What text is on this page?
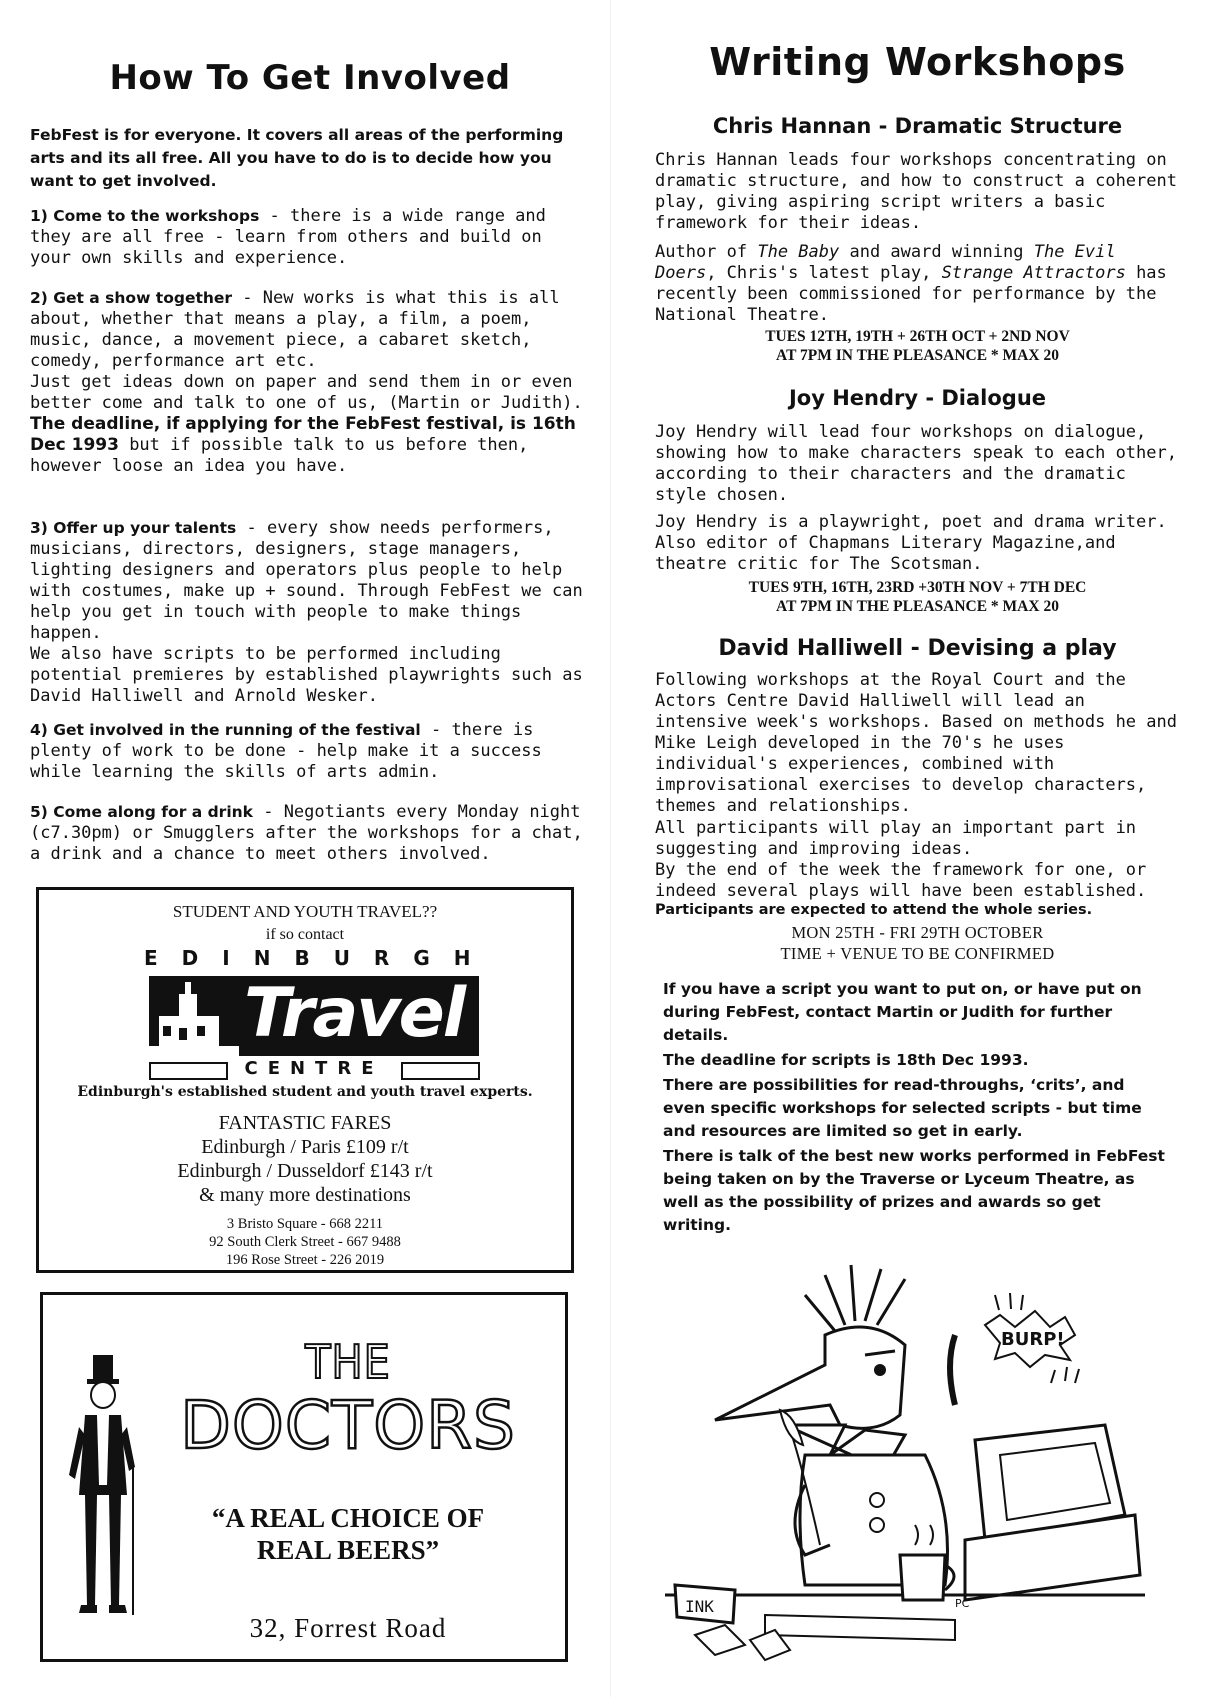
How To Get Involved

FebFest is for everyone. It covers all areas of the performing arts and its all free. All you have to do is to decide how you want to get involved.

1) Come to the workshops - there is a wide range and they are all free - learn from others and build on your own skills and experience.

2) Get a show together - New works is what this is all about, whether that means a play, a film, a poem, music, dance, a movement piece, a cabaret sketch, comedy, performance art etc.

Just get ideas down on paper and send them in or even better come and talk to one of us, (Martin or Judith).

The deadline, if applying for the FebFest festival, is 16th Dec 1993 but if possible talk to us before then, however loose an idea you have.

3) Offer up your talents - every show needs performers, musicians, directors, designers, stage managers, lighting designers and operators plus people to help with costumes, make up + sound. Through FebFest we can help you get in touch with people to make things happen.

We also have scripts to be performed including potential premieres by established playwrights such as David Halliwell and Arnold Wesker.

4) Get involved in the running of the festival - there is plenty of work to be done - help make it a success while learning the skills of arts admin.

5) Come along for a drink - Negotiants every Monday night (c7.30pm) or Smugglers after the workshops for a chat, a drink and a chance to meet others involved.

STUDENT AND YOUTH TRAVEL??
if so contact
EDINBURGH
Travel
CENTRE
Edinburgh's established student and youth travel experts.
FANTASTIC FARES
Edinburgh / Paris £109 r/t
Edinburgh / Dusseldorf £143 r/t
& many more destinations
3 Bristo Square - 668 2211
92 South Clerk Street - 667 9488
196 Rose Street - 226 2019
THE
DOCTORS
“A REAL CHOICE OF
REAL BEERS”
32, Forrest Road
Writing Workshops
Chris Hannan - Dramatic Structure

Chris Hannan leads four workshops concentrating on dramatic structure, and how to construct a coherent play, giving aspiring script writers a basic framework for their ideas.

Author of The Baby and award winning The Evil Doers, Chris's latest play, Strange Attractors has recently been commissioned for performance by the National Theatre.

TUES 12TH, 19TH + 26TH OCT + 2ND NOV

AT 7PM IN THE PLEASANCE * MAX 20

Joy Hendry - Dialogue

Joy Hendry will lead four workshops on dialogue, showing how to make characters speak to each other, according to their characters and the dramatic style chosen.

Joy Hendry is a playwright, poet and drama writer. Also editor of Chapmans Literary Magazine,and theatre critic for The Scotsman.

TUES 9TH, 16TH, 23RD +30TH NOV + 7TH DEC

AT 7PM IN THE PLEASANCE * MAX 20

David Halliwell - Devising a play

Following workshops at the Royal Court and the Actors Centre David Halliwell will lead an intensive week's workshops. Based on methods he and Mike Leigh developed in the 70's he uses individual's experiences, combined with improvisational exercises to develop characters, themes and relationships.

All participants will play an important part in suggesting and improving ideas.

By the end of the week the framework for one, or indeed several plays will have been established.

Participants are expected to attend the whole series.

MON 25TH - FRI 29TH OCTOBER

TIME + VENUE TO BE CONFIRMED

If you have a script you want to put on, or have put on during FebFest, contact Martin or Judith for further details.

The deadline for scripts is 18th Dec 1993.

There are possibilities for read-throughs, ‘crits’, and even specific workshops for selected scripts - but time and resources are limited so get in early.

There is talk of the best new works performed in FebFest being taken on by the Traverse or Lyceum Theatre, as well as the possibility of prizes and awards so get writing.

INK
BURP!
PC
